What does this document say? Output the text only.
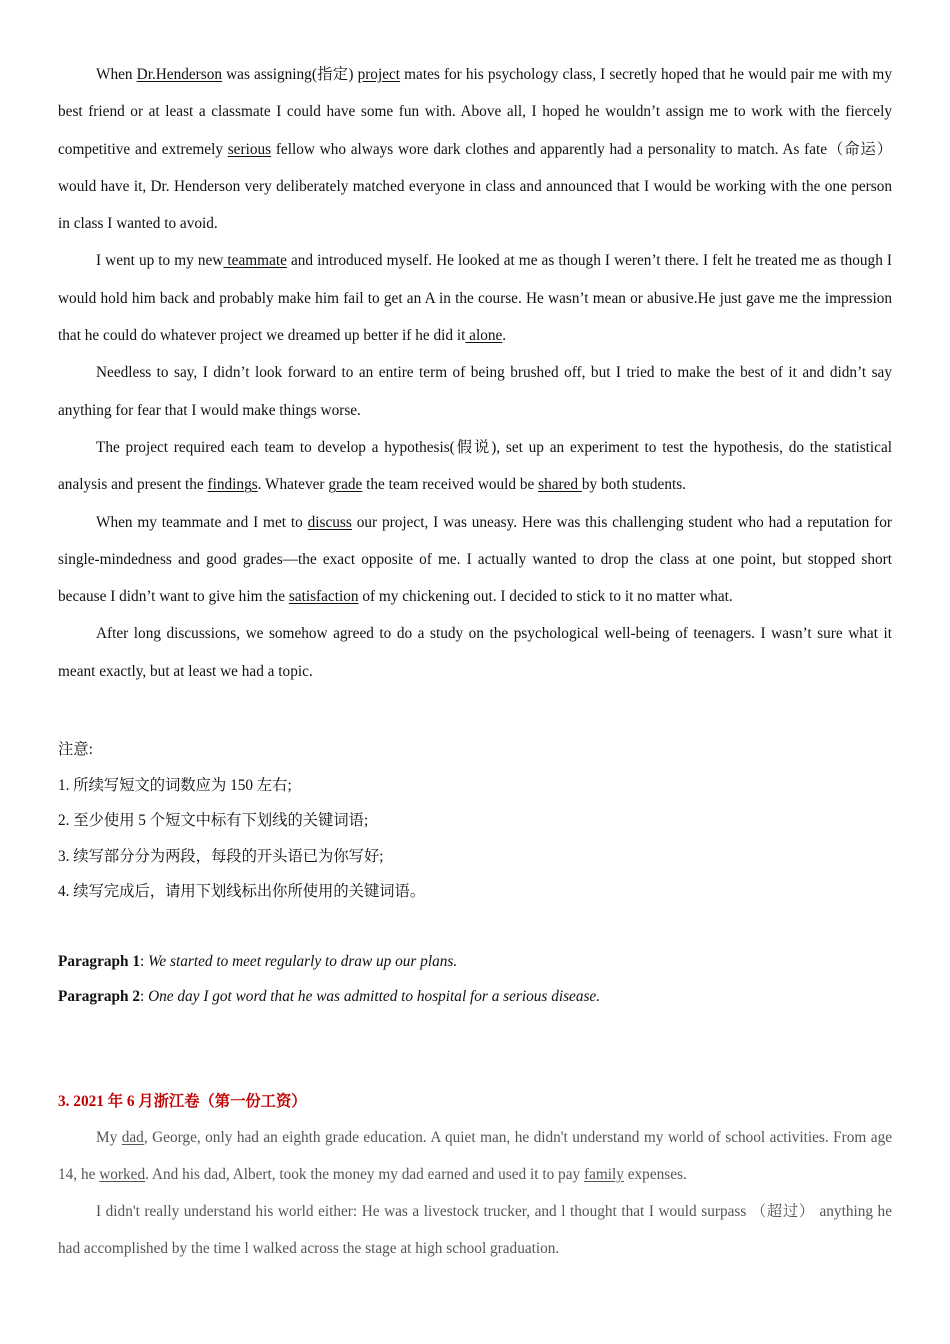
When Dr.Henderson was assigning(指定) project mates for his psychology class, I secretly hoped that he would pair me with my best friend or at least a classmate I could have some fun with. Above all, I hoped he wouldn’t assign me to work with the fiercely competitive and extremely serious fellow who always wore dark clothes and apparently had a personality to match. As fate（命运） would have it, Dr. Henderson very deliberately matched everyone in class and announced that I would be working with the one person in class I wanted to avoid.

I went up to my new teammate and introduced myself. He looked at me as though I weren’t there. I felt he treated me as though I would hold him back and probably make him fail to get an A in the course. He wasn’t mean or abusive.He just gave me the impression that he could do whatever project we dreamed up better if he did it alone.

Needless to say, I didn’t look forward to an entire term of being brushed off, but I tried to make the best of it and didn’t say anything for fear that I would make things worse.

The project required each team to develop a hypothesis(假说), set up an experiment to test the hypothesis, do the statistical analysis and present the findings. Whatever grade the team received would be shared by both students.

When my teammate and I met to discuss our project, I was uneasy. Here was this challenging student who had a reputation for single-mindedness and good grades—the exact opposite of me. I actually wanted to drop the class at one point, but stopped short because I didn’t want to give him the satisfaction of my chickening out. I decided to stick to it no matter what.

After long discussions, we somehow agreed to do a study on the psychological well-being of teenagers. I wasn’t sure what it meant exactly, but at least we had a topic.

注意:
1. 所续写短文的词数应为 150 左右;
2. 至少使用 5 个短文中标有下划线的关键词语;
3. 续写部分分为两段，每段的开头语已为你写好;
4. 续写完成后，请用下划线标出你所使用的关键词语。

Paragraph 1: We started to meet regularly to draw up our plans.

Paragraph 2: One day I got word that he was admitted to hospital for a serious disease.

3. 2021 年 6 月浙江卷（第一份工资）

My dad, George, only had an eighth grade education. A quiet man, he didn't understand my world of school activities. From age 14, he worked. And his dad, Albert, took the money my dad earned and used it to pay family expenses.

I didn't really understand his world either: He was a livestock trucker, and l thought that I would surpass （超过） anything he had accomplished by the time l walked across the stage at high school graduation.
